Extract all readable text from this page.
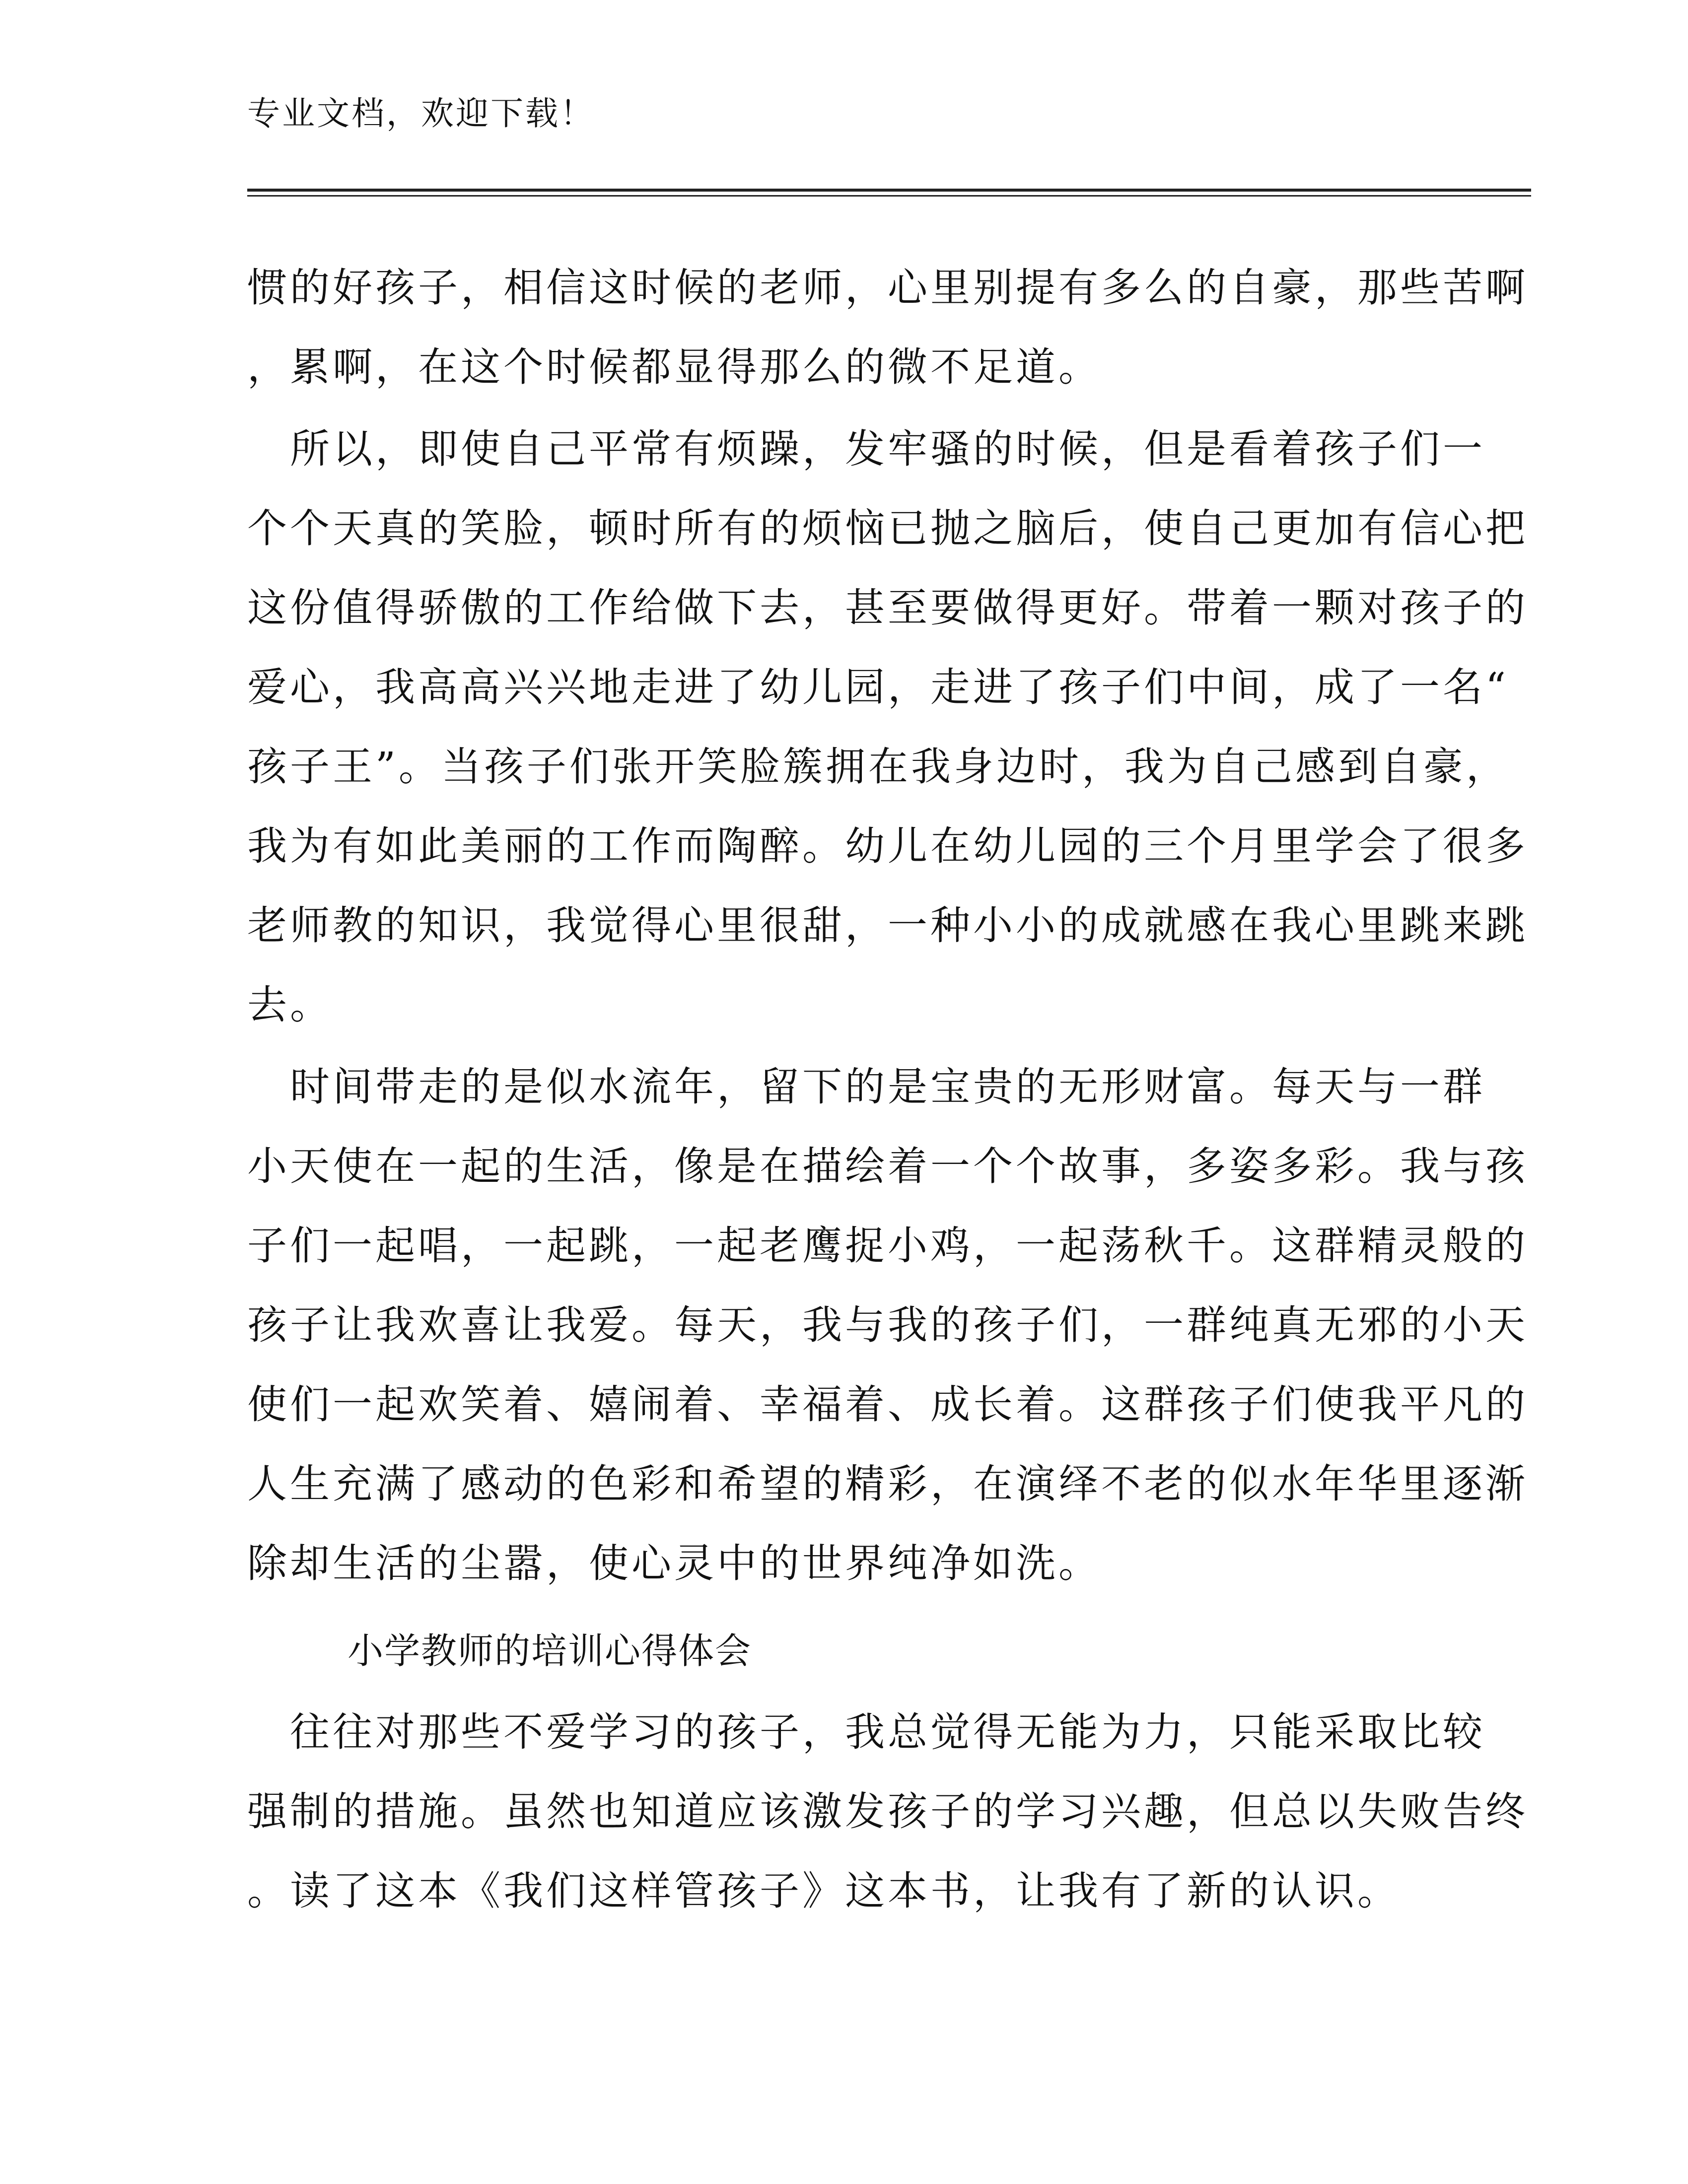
专业文档，欢迎下载！
惯的好孩子，相信这时候的老师，心里别提有多么的自豪，那些苦啊
，累啊，在这个时候都显得那么的微不足道。
　所以，即使自己平常有烦躁，发牢骚的时候，但是看着孩子们一
个个天真的笑脸，顿时所有的烦恼已抛之脑后，使自己更加有信心把
这份值得骄傲的工作给做下去，甚至要做得更好。带着一颗对孩子的
爱心，我高高兴兴地走进了幼儿园，走进了孩子们中间，成了一名“
孩子王”。当孩子们张开笑脸簇拥在我身边时，我为自己感到自豪，
我为有如此美丽的工作而陶醉。幼儿在幼儿园的三个月里学会了很多
老师教的知识，我觉得心里很甜，一种小小的成就感在我心里跳来跳
去。
　时间带走的是似水流年，留下的是宝贵的无形财富。每天与一群
小天使在一起的生活，像是在描绘着一个个故事，多姿多彩。我与孩
子们一起唱，一起跳，一起老鹰捉小鸡，一起荡秋千。这群精灵般的
孩子让我欢喜让我爱。每天，我与我的孩子们，一群纯真无邪的小天
使们一起欢笑着、嬉闹着、幸福着、成长着。这群孩子们使我平凡的
人生充满了感动的色彩和希望的精彩，在演绎不老的似水年华里逐渐
除却生活的尘嚣，使心灵中的世界纯净如洗。
小学教师的培训心得体会
　往往对那些不爱学习的孩子，我总觉得无能为力，只能采取比较
强制的措施。虽然也知道应该激发孩子的学习兴趣，但总以失败告终
。读了这本《我们这样管孩子》这本书，让我有了新的认识。
